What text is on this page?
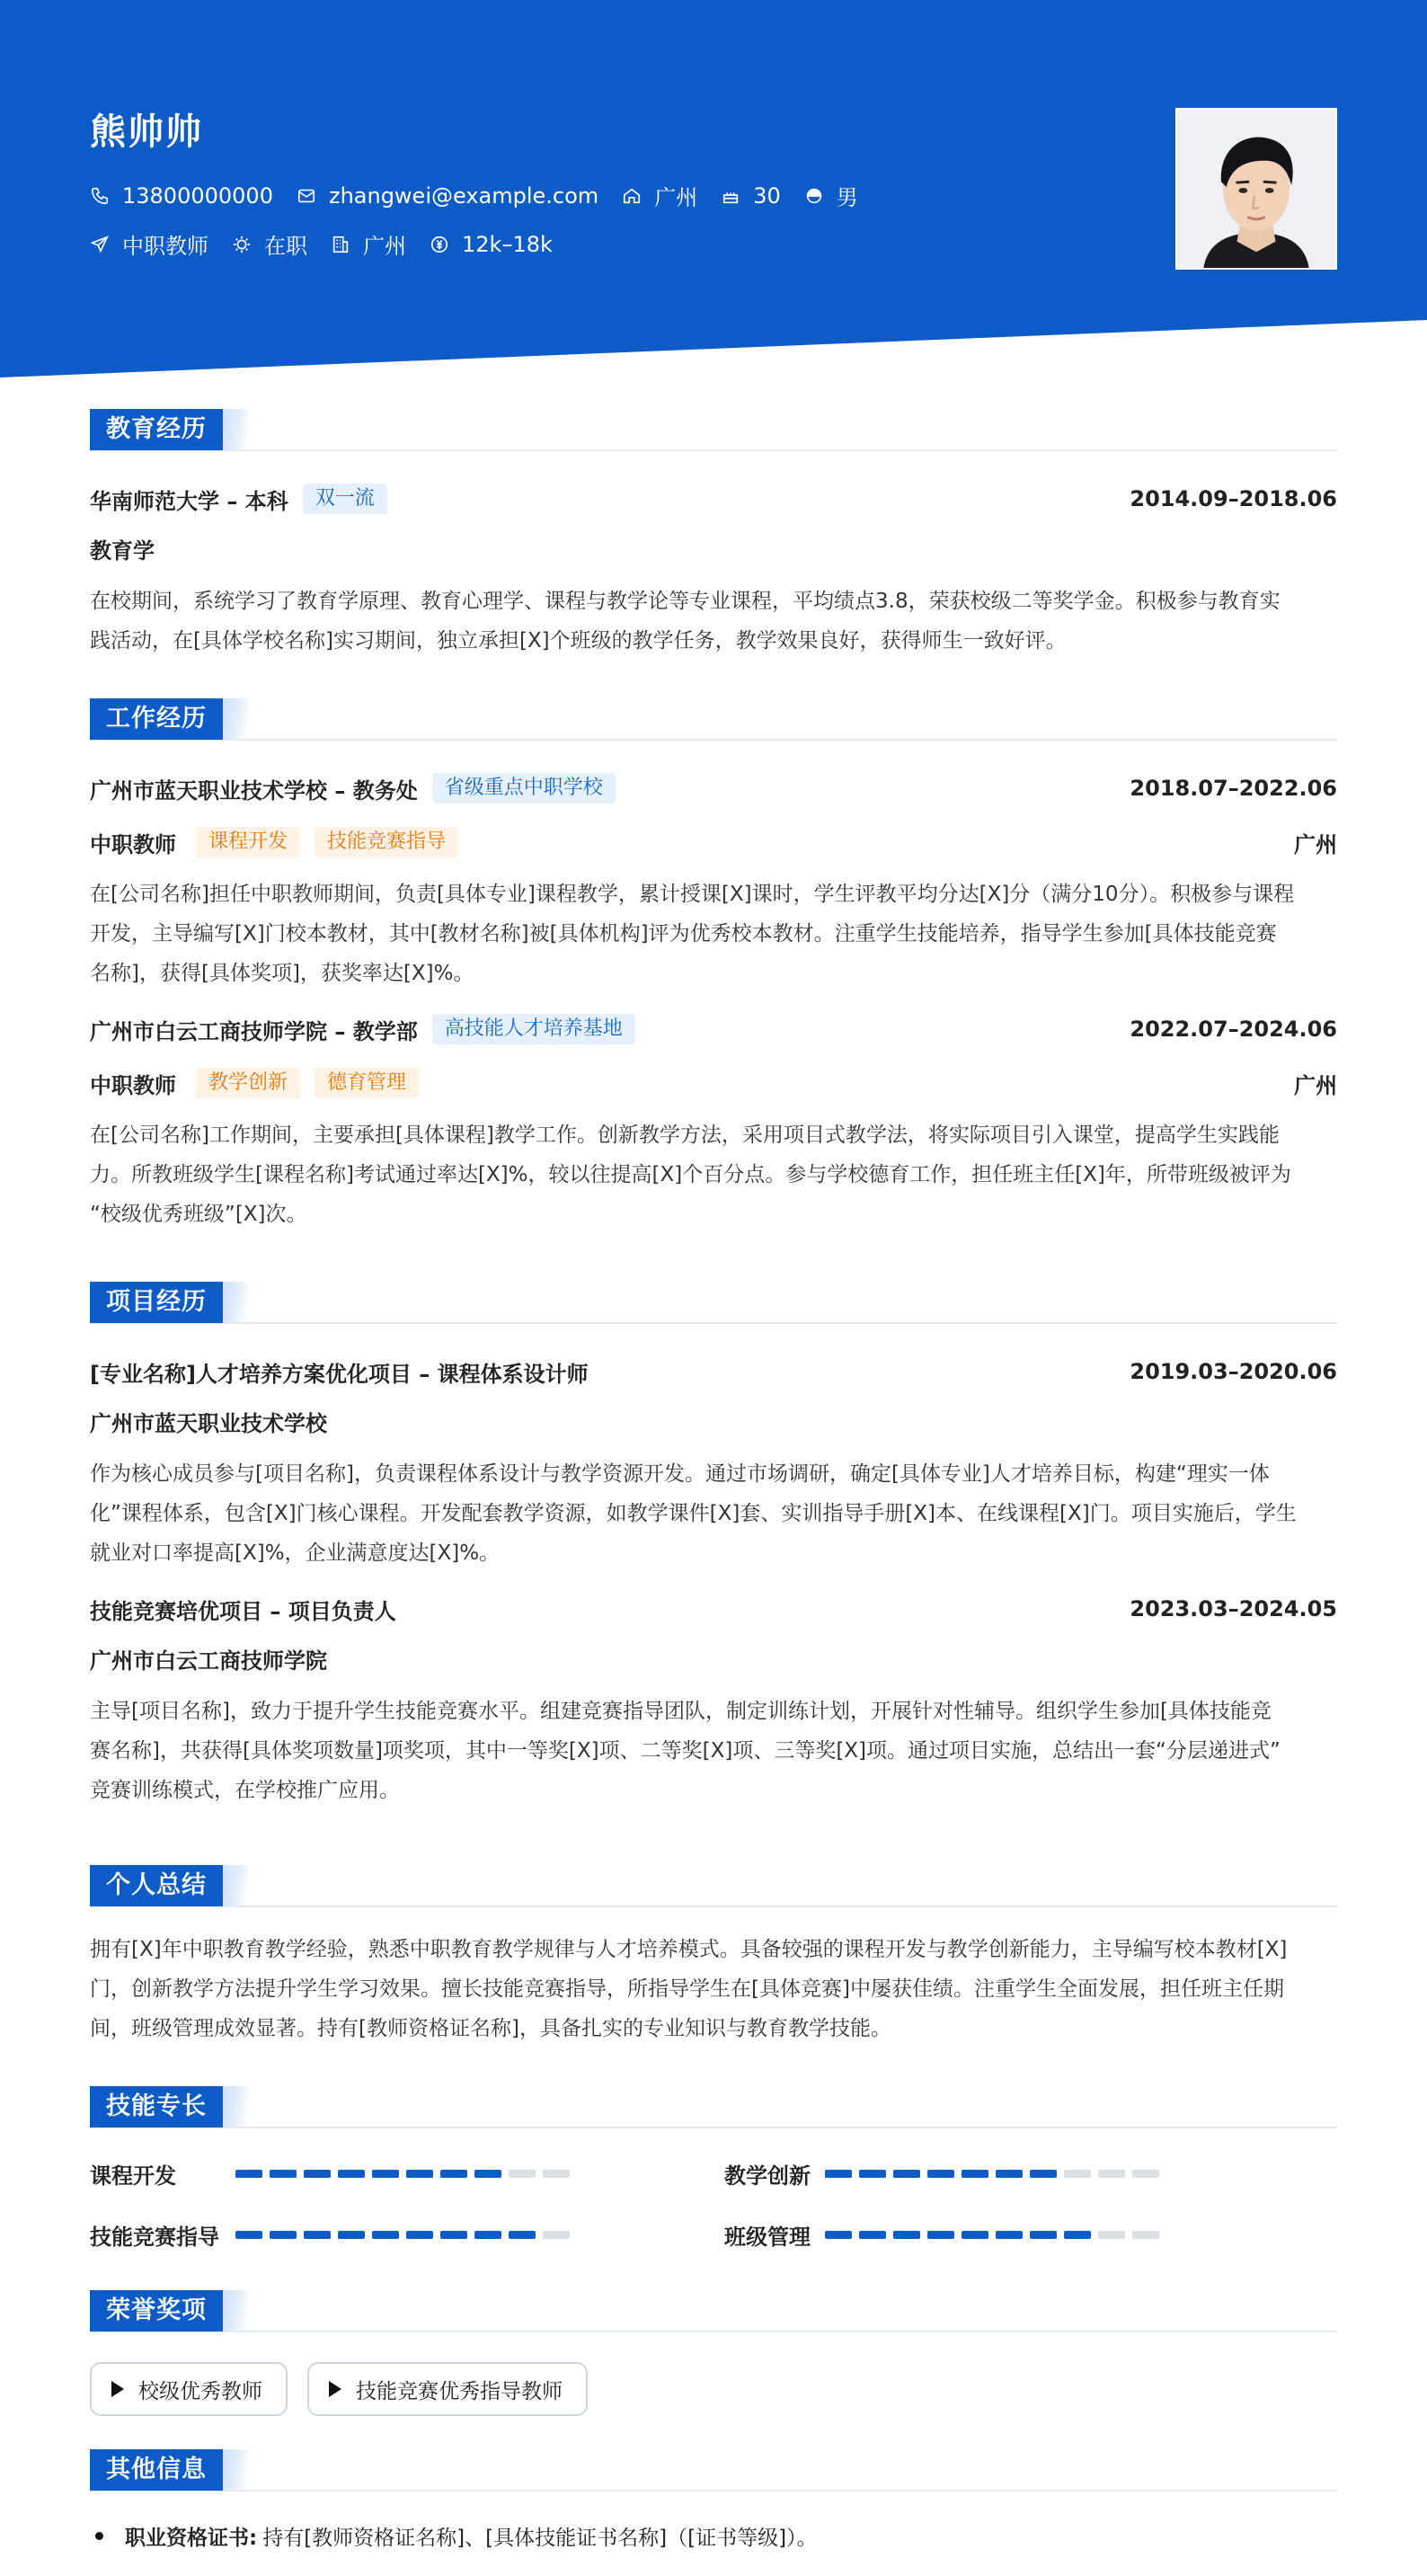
熊帅帅
13800000000	zhangwei@example.com	广州	30	男
中职教师	在职	广州	12k–18k
教育经历
华南师范大学 – 本科	双一流	2014.09–2018.06
教育学
在校期间，系统学习了教育学原理、教育心理学、课程与教学论等专业课程，平均绩点3.8，荣获校级二等奖学金。积极参与教育实
践活动，在[具体学校名称]实习期间，独立承担[X]个班级的教学任务，教学效果良好，获得师生一致好评。
工作经历
广州市蓝天职业技术学校 – 教务处	省级重点中职学校	2018.07–2022.06
中职教师	课程开发	技能竞赛指导	广州
在[公司名称]担任中职教师期间，负责[具体专业]课程教学，累计授课[X]课时，学生评教平均分达[X]分（满分10分）。积极参与课程
开发，主导编写[X]门校本教材，其中[教材名称]被[具体机构]评为优秀校本教材。注重学生技能培养，指导学生参加[具体技能竞赛
名称]，获得[具体奖项]，获奖率达[X]%。
广州市白云工商技师学院 – 教学部	高技能人才培养基地	2022.07–2024.06
中职教师	教学创新	德育管理	广州
在[公司名称]工作期间，主要承担[具体课程]教学工作。创新教学方法，采用项目式教学法，将实际项目引入课堂，提高学生实践能
力。所教班级学生[课程名称]考试通过率达[X]%，较以往提高[X]个百分点。参与学校德育工作，担任班主任[X]年，所带班级被评为
“校级优秀班级”[X]次。
项目经历
[专业名称]人才培养方案优化项目 – 课程体系设计师	2019.03–2020.06
广州市蓝天职业技术学校
作为核心成员参与[项目名称]，负责课程体系设计与教学资源开发。通过市场调研，确定[具体专业]人才培养目标，构建“理实一体
化”课程体系，包含[X]门核心课程。开发配套教学资源，如教学课件[X]套、实训指导手册[X]本、在线课程[X]门。项目实施后，学生
就业对口率提高[X]%，企业满意度达[X]%。
技能竞赛培优项目 – 项目负责人	2023.03–2024.05
广州市白云工商技师学院
主导[项目名称]，致力于提升学生技能竞赛水平。组建竞赛指导团队，制定训练计划，开展针对性辅导。组织学生参加[具体技能竞
赛名称]，共获得[具体奖项数量]项奖项，其中一等奖[X]项、二等奖[X]项、三等奖[X]项。通过项目实施，总结出一套“分层递进式”
竞赛训练模式，在学校推广应用。
个人总结
拥有[X]年中职教育教学经验，熟悉中职教育教学规律与人才培养模式。具备较强的课程开发与教学创新能力，主导编写校本教材[X]
门，创新教学方法提升学生学习效果。擅长技能竞赛指导，所指导学生在[具体竞赛]中屡获佳绩。注重学生全面发展，担任班主任期
间，班级管理成效显著。持有[教师资格证名称]，具备扎实的专业知识与教育教学技能。
技能专长
课程开发	教学创新
技能竞赛指导	班级管理
荣誉奖项
校级优秀教师	技能竞赛优秀指导教师
其他信息
职业资格证书: 持有[教师资格证名称]、[具体技能证书名称]（[证书等级]）。
